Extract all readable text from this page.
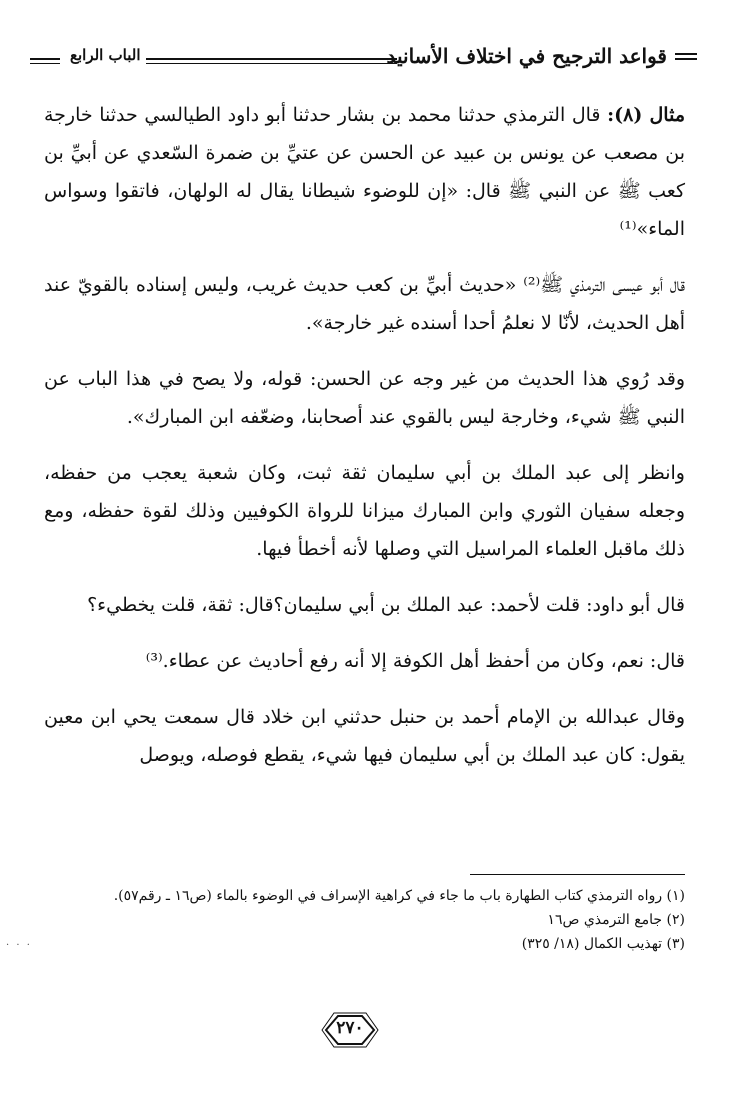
قواعد الترجيح في اختلاف الأسانيد
الباب الرابع

مثال (٨): قال الترمذي حدثنا محمد بن بشار حدثنا أبو داود الطيالسي حدثنا خارجة بن مصعب عن يونس بن عبيد عن الحسن عن عتيِّ بن ضمرة السّعدي عن أبيِّ بن كعب ﷺ عن النبي ﷺ قال: «إن للوضوء شيطانا يقال له الولهان، فاتقوا وسواس الماء»⁽¹⁾

قال أبو عيسى الترمذي ﷺ⁽²⁾ «حديث أبيِّ بن كعب حديث غريب، وليس إسناده بالقويّ عند أهل الحديث، لأنّا لا نعلمُ أحدا أسنده غير خارجة».

وقد رُوي هذا الحديث من غير وجه عن الحسن: قوله، ولا يصح في هذا الباب عن النبي ﷺ شيء، وخارجة ليس بالقوي عند أصحابنا، وضعّفه ابن المبارك».

وانظر إلى عبد الملك بن أبي سليمان ثقة ثبت، وكان شعبة يعجب من حفظه، وجعله سفيان الثوري وابن المبارك ميزانا للرواة الكوفيين وذلك لقوة حفظه، ومع ذلك ماقبل العلماء المراسيل التي وصلها لأنه أخطأ فيها.

قال أبو داود: قلت لأحمد: عبد الملك بن أبي سليمان؟قال: ثقة، قلت يخطيء؟

قال: نعم، وكان من أحفظ أهل الكوفة إلا أنه رفع أحاديث عن عطاء.⁽³⁾

وقال عبدالله بن الإمام أحمد بن حنبل حدثني ابن خلاد قال سمعت يحي ابن معين يقول: كان عبد الملك بن أبي سليمان فيها شيء، يقطع فوصله، ويوصل

(١) رواه الترمذي كتاب الطهارة باب ما جاء في كراهية الإسراف في الوضوء بالماء (ص١٦ ـ رقم٥٧).

(٢) جامع الترمذي ص١٦

(٣) تهذيب الكمال (١٨/ ٣٢٥)

٢٧٠
· · ·
